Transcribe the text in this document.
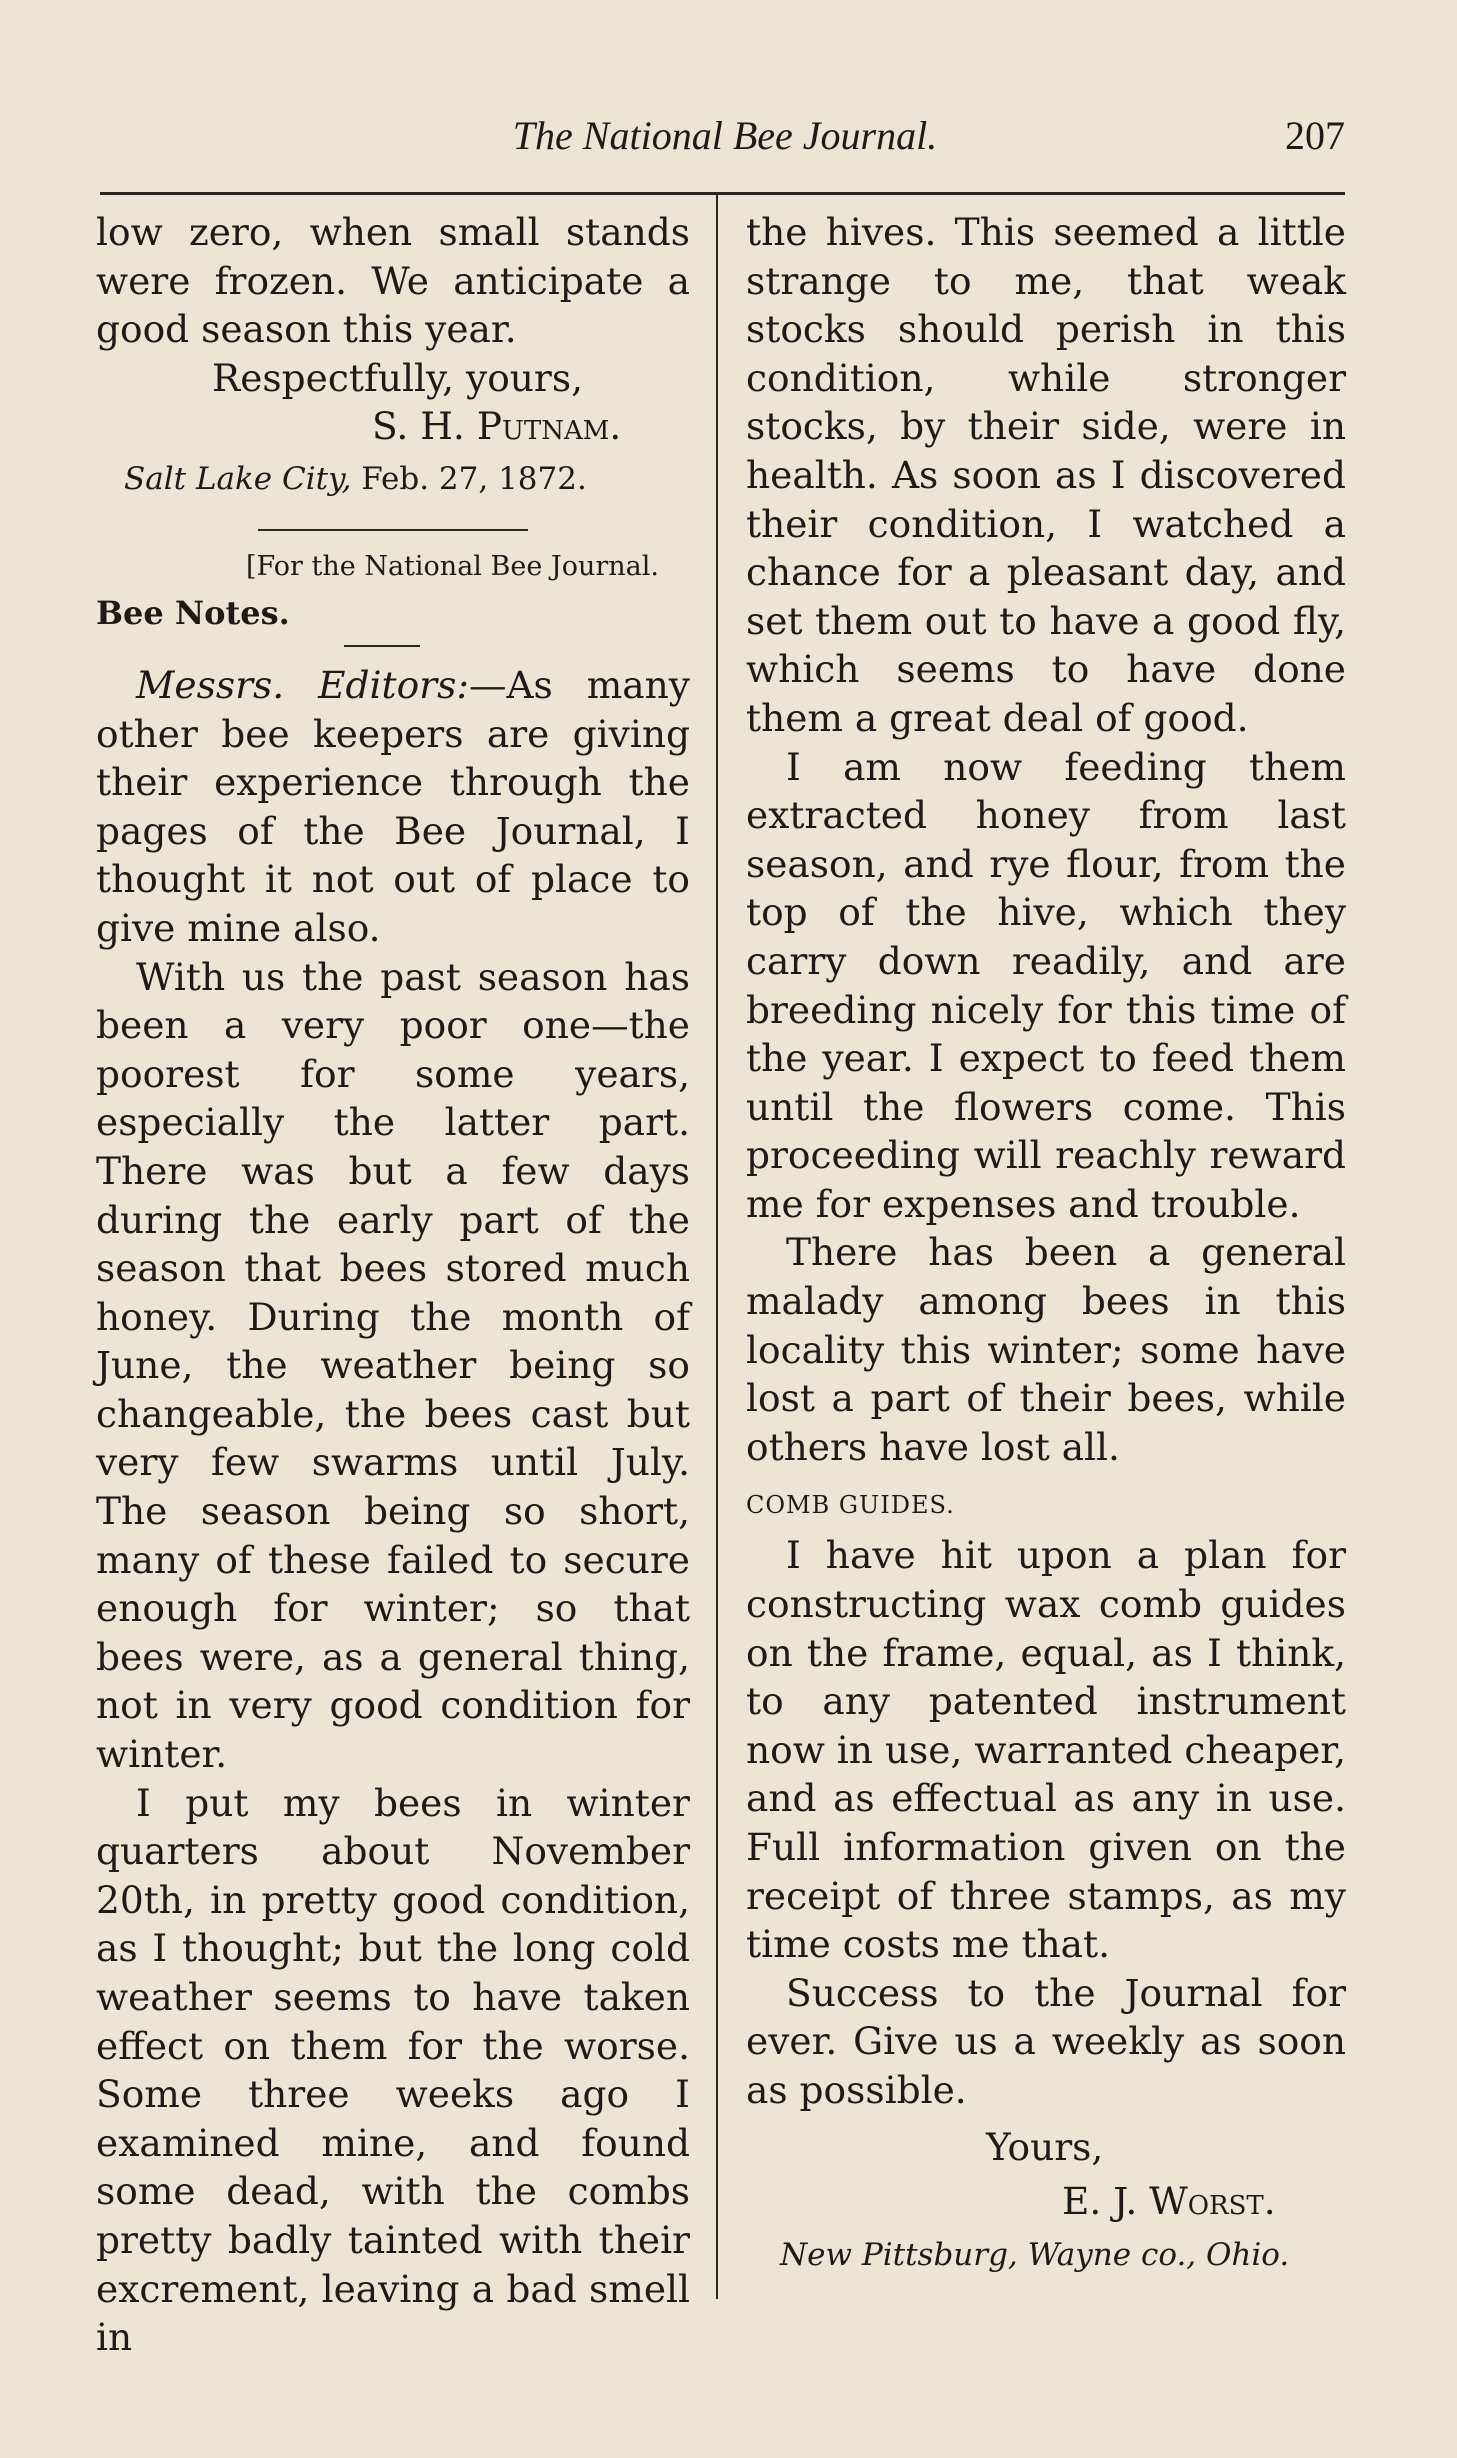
The National Bee Journal.	207

low zero, when small stands were frozen. We anticipate a good season this year.

Respectfully, yours,

S. H. Putnam.

Salt Lake City, Feb. 27, 1872.

[For the National Bee Journal.

Bee Notes.

Messrs. Editors:—As many other bee keepers are giving their experience through the pages of the Bee Journal, I thought it not out of place to give mine also.

With us the past season has been a very poor one—the poorest for some years, especially the latter part. There was but a few days during the early part of the season that bees stored much honey. During the month of June, the weather being so changeable, the bees cast but very few swarms until July. The season being so short, many of these failed to secure enough for winter; so that bees were, as a general thing, not in very good condition for winter.

I put my bees in winter quarters about November 20th, in pretty good condition, as I thought; but the long cold weather seems to have taken effect on them for the worse. Some three weeks ago I examined mine, and found some dead, with the combs pretty badly tainted with their excrement, leaving a bad smell in

the hives. This seemed a little strange to me, that weak stocks should perish in this condition, while stronger stocks, by their side, were in health. As soon as I discovered their condition, I watched a chance for a pleasant day, and set them out to have a good fly, which seems to have done them a great deal of good.

I am now feeding them extracted honey from last season, and rye flour, from the top of the hive, which they carry down readily, and are breeding nicely for this time of the year. I expect to feed them until the flowers come. This proceeding will reachly reward me for expenses and trouble.

There has been a general malady among bees in this locality this winter; some have lost a part of their bees, while others have lost all.

COMB GUIDES.

I have hit upon a plan for constructing wax comb guides on the frame, equal, as I think, to any patented instrument now in use, warranted cheaper, and as effectual as any in use. Full information given on the receipt of three stamps, as my time costs me that.

Success to the Journal for ever. Give us a weekly as soon as possible.

Yours,

E. J. Worst.

New Pittsburg, Wayne co., Ohio.
